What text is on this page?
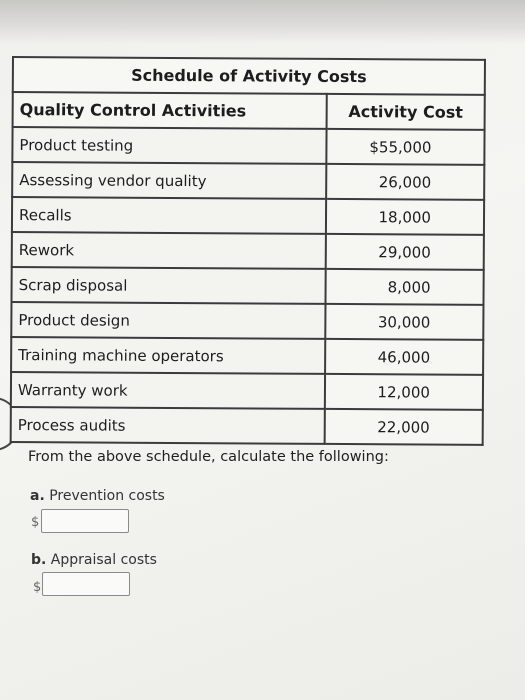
Schedule of Activity Costs	
Quality Control Activities	Activity Cost
Product testing	$55,000
Assessing vendor quality	26,000
Recalls	18,000
Rework	29,000
Scrap disposal	8,000
Product design	30,000
Training machine operators	46,000
Warranty work	12,000
Process audits	22,000
From the above schedule, calculate the following:
a. Prevention costs
$
b. Appraisal costs
$
